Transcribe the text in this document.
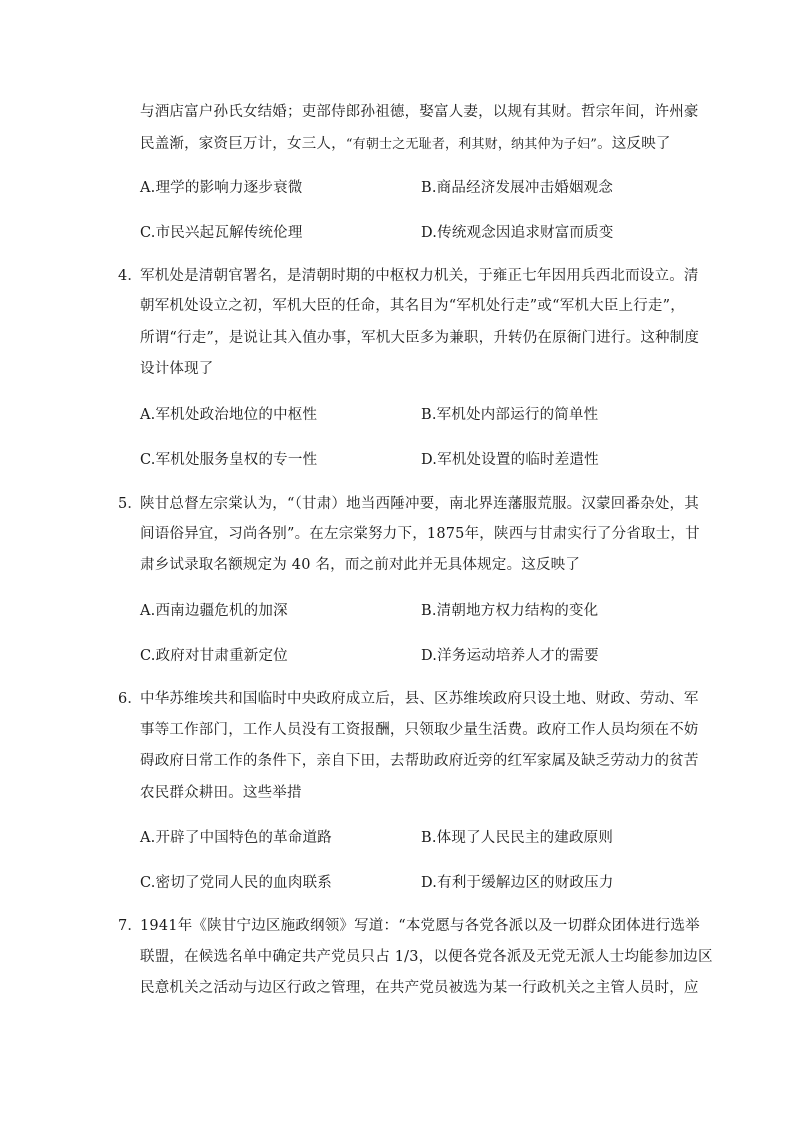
与酒店富户孙氏女结婚；吏部侍郎孙祖德，娶富人妻，以规有其财。哲宗年间，许州豪
民盖渐，家资巨万计，女三人，“有朝士之无耻者，利其财，纳其仲为子妇”。这反映了
A.理学的影响力逐步衰微	B.商品经济发展冲击婚姻观念
C.市民兴起瓦解传统伦理	D.传统观念因追求财富而质变
4．
军机处是清朝官署名，是清朝时期的中枢权力机关，于雍正七年因用兵西北而设立。清
朝军机处设立之初，军机大臣的任命，其名目为“军机处行走”或“军机大臣上行走”，
所谓“行走”，是说让其入值办事，军机大臣多为兼职，升转仍在原衙门进行。这种制度
设计体现了
A.军机处政治地位的中枢性	B.军机处内部运行的简单性
C.军机处服务皇权的专一性	D.军机处设置的临时差遣性
5．
陕甘总督左宗棠认为，“（甘肃）地当西陲冲要，南北界连藩服荒服。汉蒙回番杂处，其
间语俗异宜，习尚各别”。在左宗棠努力下，1875年，陕西与甘肃实行了分省取士，甘
肃乡试录取名额规定为 40 名，而之前对此并无具体规定。这反映了
A.西南边疆危机的加深	B.清朝地方权力结构的变化
C.政府对甘肃重新定位	D.洋务运动培养人才的需要
6．
中华苏维埃共和国临时中央政府成立后，县、区苏维埃政府只设土地、财政、劳动、军
事等工作部门，工作人员没有工资报酬，只领取少量生活费。政府工作人员均须在不妨
碍政府日常工作的条件下，亲自下田，去帮助政府近旁的红军家属及缺乏劳动力的贫苦
农民群众耕田。这些举措
A.开辟了中国特色的革命道路	B.体现了人民民主的建政原则
C.密切了党同人民的血肉联系	D.有利于缓解边区的财政压力
7．
1941年《陕甘宁边区施政纲领》写道：“本党愿与各党各派以及一切群众团体进行选举
联盟，在候选名单中确定共产党员只占 1/3，以便各党各派及无党无派人士均能参加边区
民意机关之活动与边区行政之管理，在共产党员被选为某一行政机关之主管人员时，应
